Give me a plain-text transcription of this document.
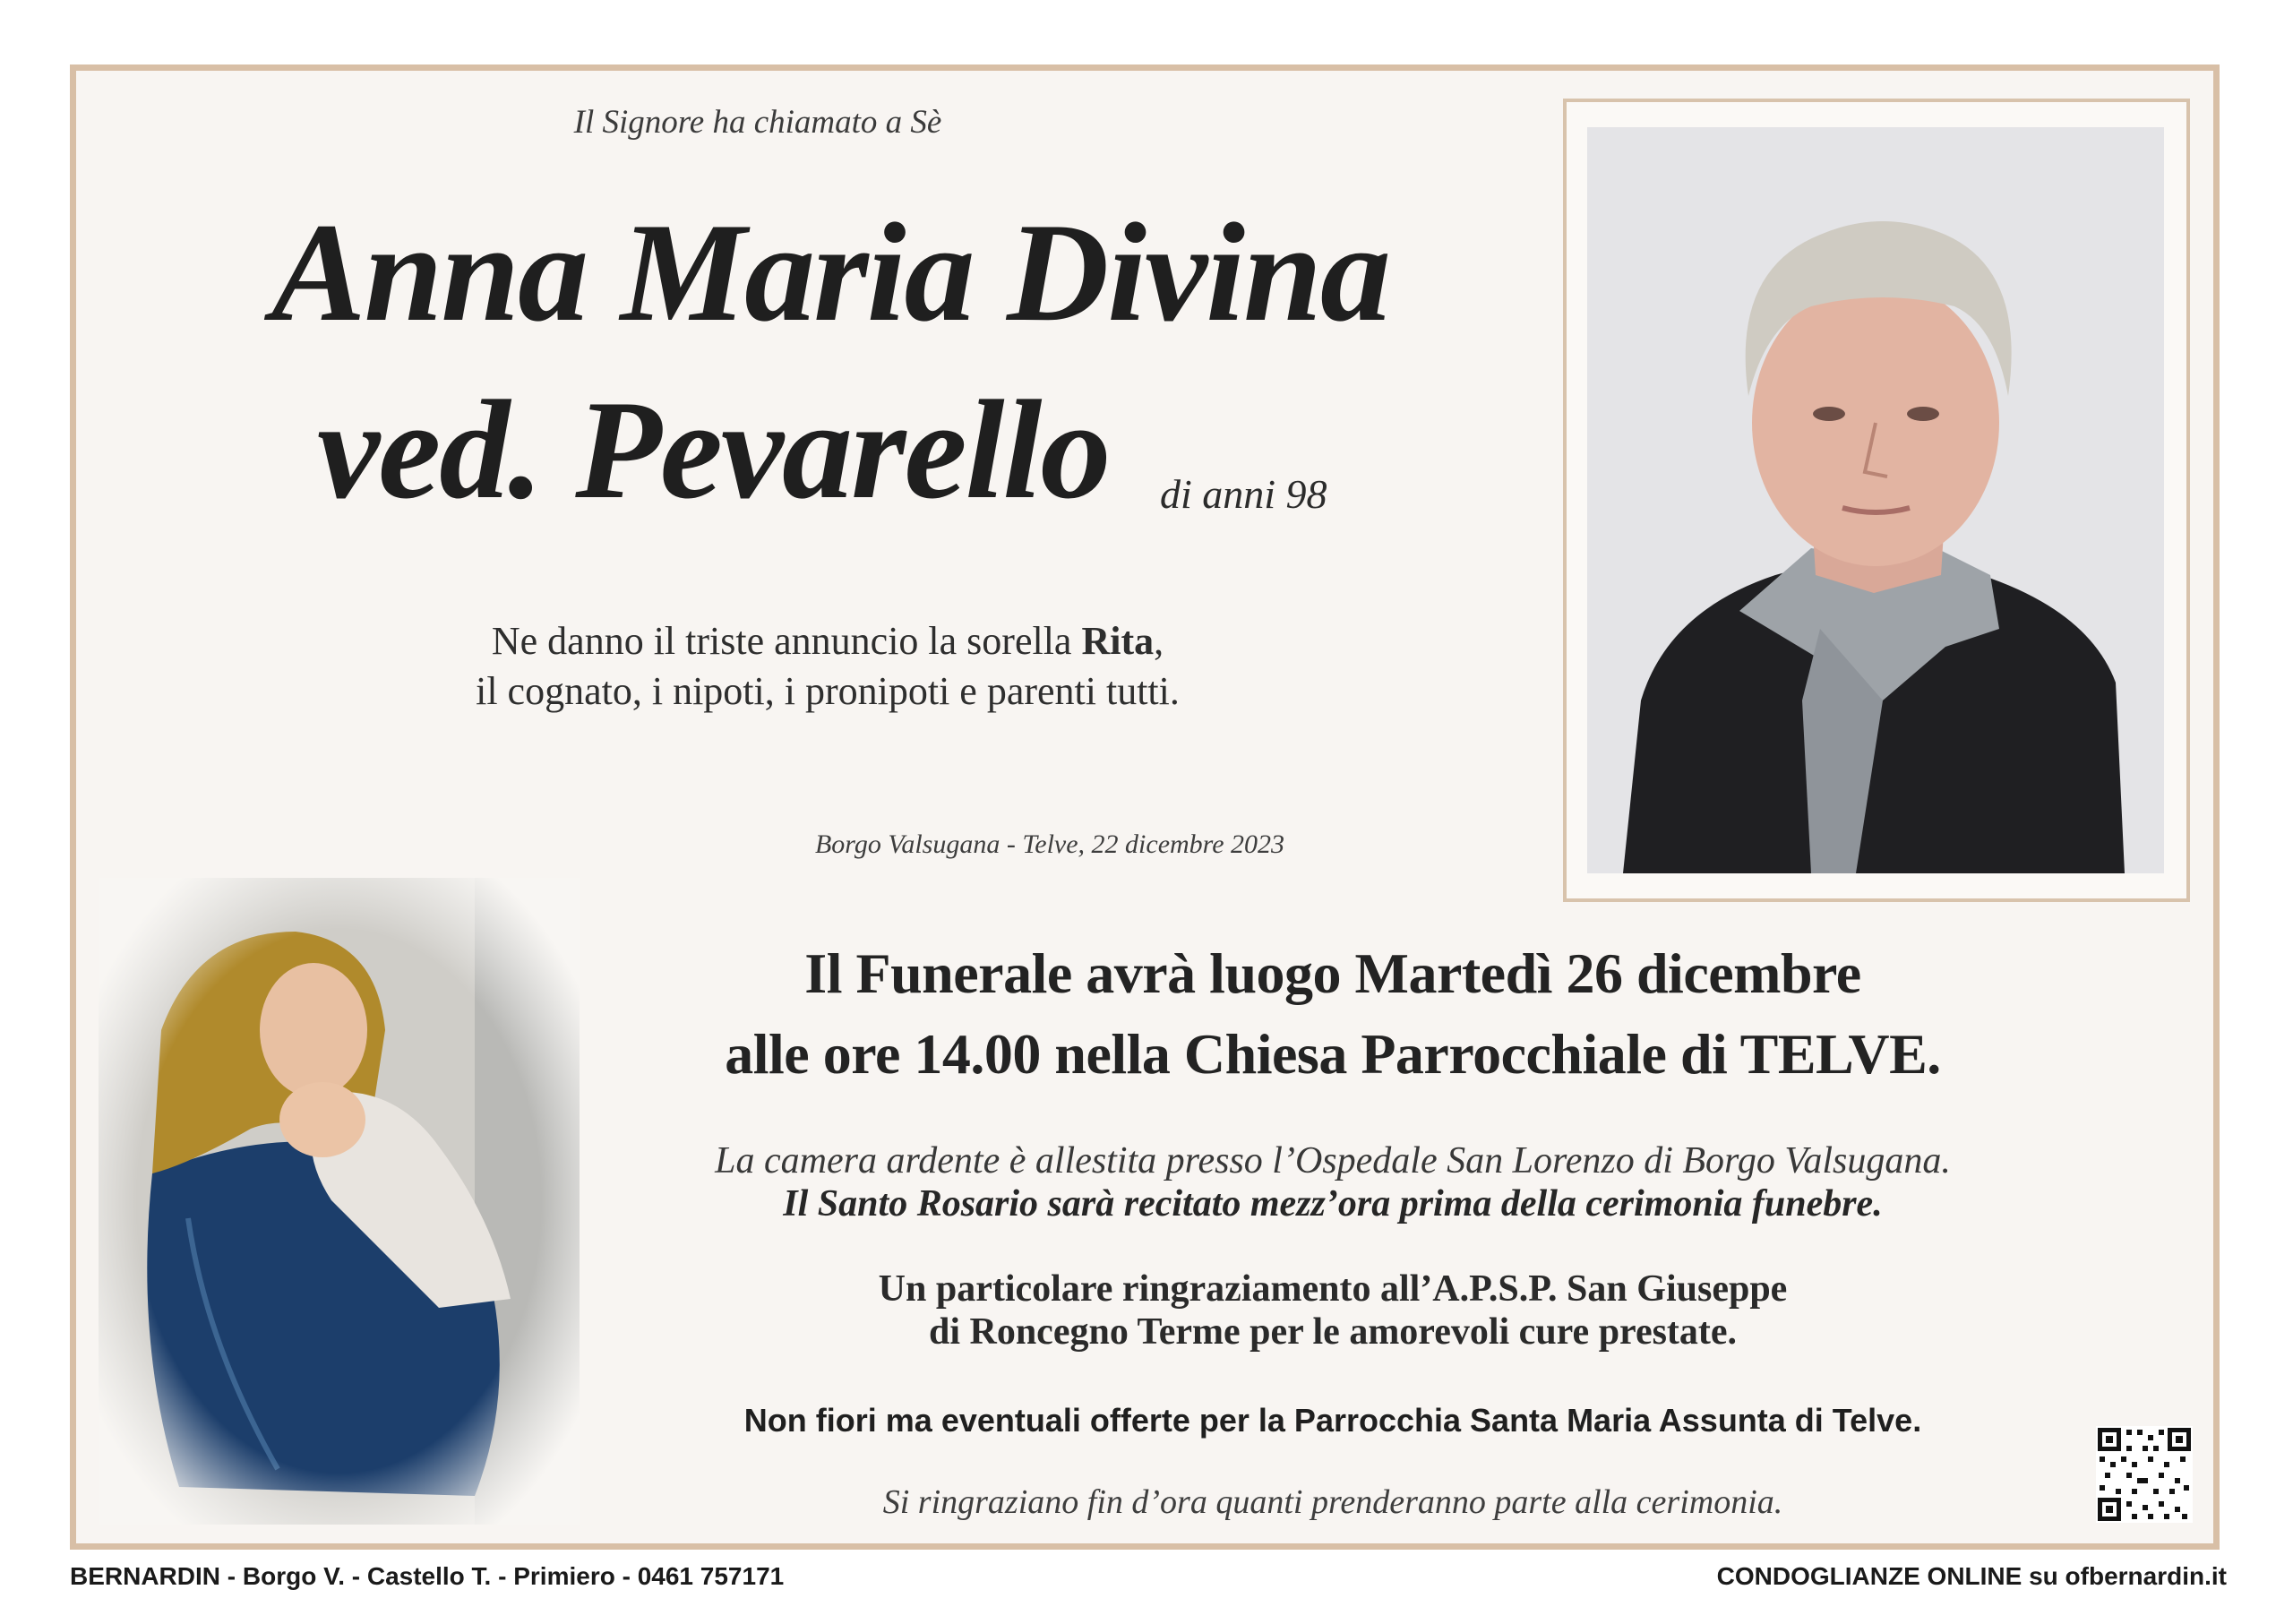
Il Signore ha chiamato a Sè
Anna Maria Divina
ved. Pevarello di anni 98
Ne danno il triste annuncio la sorella Rita,
il cognato, i nipoti, i pronipoti e parenti tutti.
Borgo Valsugana - Telve, 22 dicembre 2023
Il Funerale avrà luogo Martedì 26 dicembre
alle ore 14.00 nella Chiesa Parrocchiale di TELVE.
La camera ardente è allestita presso l’Ospedale San Lorenzo di Borgo Valsugana.
Il Santo Rosario sarà recitato mezz’ora prima della cerimonia funebre.
Un particolare ringraziamento all’A.P.S.P. San Giuseppe
di Roncegno Terme per le amorevoli cure prestate.
Non fiori ma eventuali offerte per la Parrocchia Santa Maria Assunta di Telve.
Si ringraziano fin d’ora quanti prenderanno parte alla cerimonia.
BERNARDIN - Borgo V. - Castello T. - Primiero - 0461 757171	CONDOGLIANZE ONLINE su ofbernardin.it
